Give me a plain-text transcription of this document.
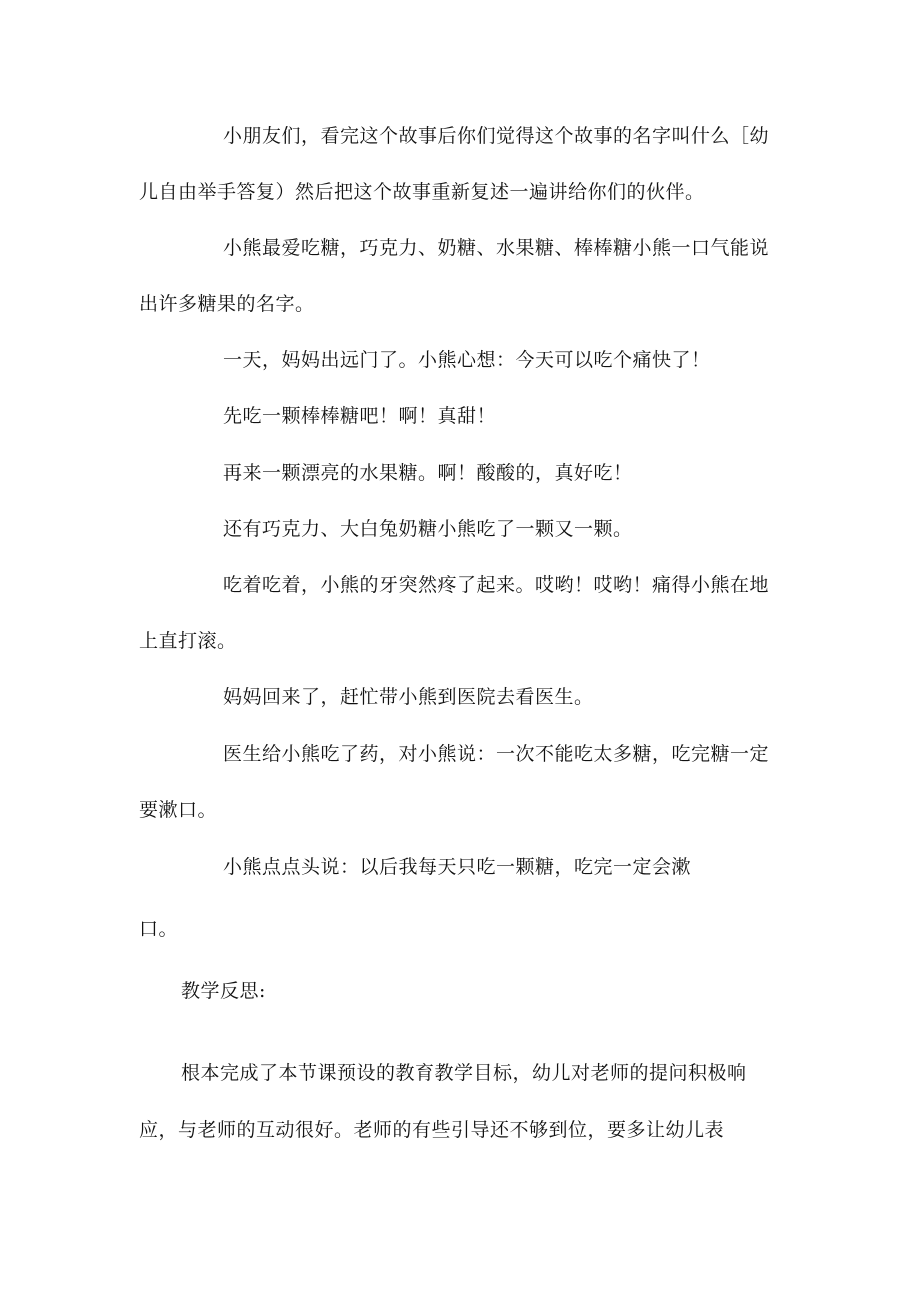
小朋友们，看完这个故事后你们觉得这个故事的名字叫什么［幼
儿自由举手答复）然后把这个故事重新复述一遍讲给你们的伙伴。
小熊最爱吃糖，巧克力、奶糖、水果糖、棒棒糖小熊一口气能说
出许多糖果的名字。
一天，妈妈出远门了。小熊心想：今天可以吃个痛快了！
先吃一颗棒棒糖吧！啊！真甜！
再来一颗漂亮的水果糖。啊！酸酸的，真好吃！
还有巧克力、大白兔奶糖小熊吃了一颗又一颗。
吃着吃着，小熊的牙突然疼了起来。哎哟！哎哟！痛得小熊在地
上直打滚。
妈妈回来了，赶忙带小熊到医院去看医生。
医生给小熊吃了药，对小熊说：一次不能吃太多糖，吃完糖一定
要漱口。
小熊点点头说：以后我每天只吃一颗糖，吃完一定会漱
口。
教学反思:
根本完成了本节课预设的教育教学目标，幼儿对老师的提问积极响
应，与老师的互动很好。老师的有些引导还不够到位，要多让幼儿表
